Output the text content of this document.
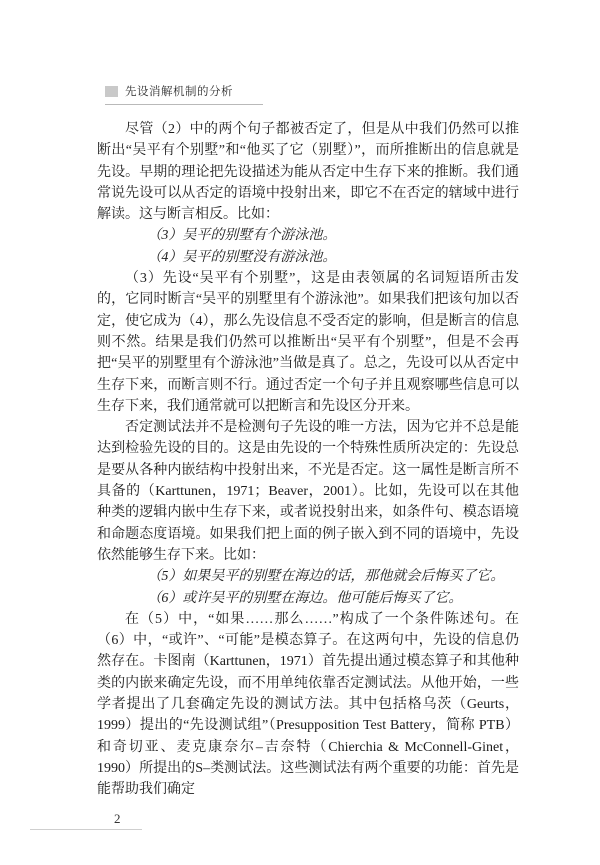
先设消解机制的分析

尽管（2）中的两个句子都被否定了，但是从中我们仍然可以推断出“吴平有个别墅”和“他买了它（别墅）”，而所推断出的信息就是先设。早期的理论把先设描述为能从否定中生存下来的推断。我们通常说先设可以从否定的语境中投射出来，即它不在否定的辖域中进行解读。这与断言相反。比如：

（3）吴平的别墅有个游泳池。

（4）吴平的别墅没有游泳池。

（3）先设“吴平有个别墅”，这是由表领属的名词短语所击发的，它同时断言“吴平的别墅里有个游泳池”。如果我们把该句加以否定，使它成为（4），那么先设信息不受否定的影响，但是断言的信息则不然。结果是我们仍然可以推断出“吴平有个别墅”，但是不会再把“吴平的别墅里有个游泳池”当做是真了。总之，先设可以从否定中生存下来，而断言则不行。通过否定一个句子并且观察哪些信息可以生存下来，我们通常就可以把断言和先设区分开来。

否定测试法并不是检测句子先设的唯一方法，因为它并不总是能达到检验先设的目的。这是由先设的一个特殊性质所决定的：先设总是要从各种内嵌结构中投射出来，不光是否定。这一属性是断言所不具备的（Karttunen，1971；Beaver，2001）。比如，先设可以在其他种类的逻辑内嵌中生存下来，或者说投射出来，如条件句、模态语境和命题态度语境。如果我们把上面的例子嵌入到不同的语境中，先设依然能够生存下来。比如：

（5）如果吴平的别墅在海边的话，那他就会后悔买了它。

（6）或许吴平的别墅在海边。他可能后悔买了它。

在（5）中，“如果……那么……”构成了一个条件陈述句。在（6）中，“或许”、“可能”是模态算子。在这两句中，先设的信息仍然存在。卡图南（Karttunen，1971）首先提出通过模态算子和其他种类的内嵌来确定先设，而不用单纯依靠否定测试法。从他开始，一些学者提出了几套确定先设的测试方法。其中包括格乌茨（Geurts，1999）提出的“先设测试组”（Presupposition Test Battery，简称 PTB）和奇切亚、麦克康奈尔–吉奈特（Chierchia & McConnell-Ginet，1990）所提出的S–类测试法。这些测试法有两个重要的功能：首先是能帮助我们确定

2
